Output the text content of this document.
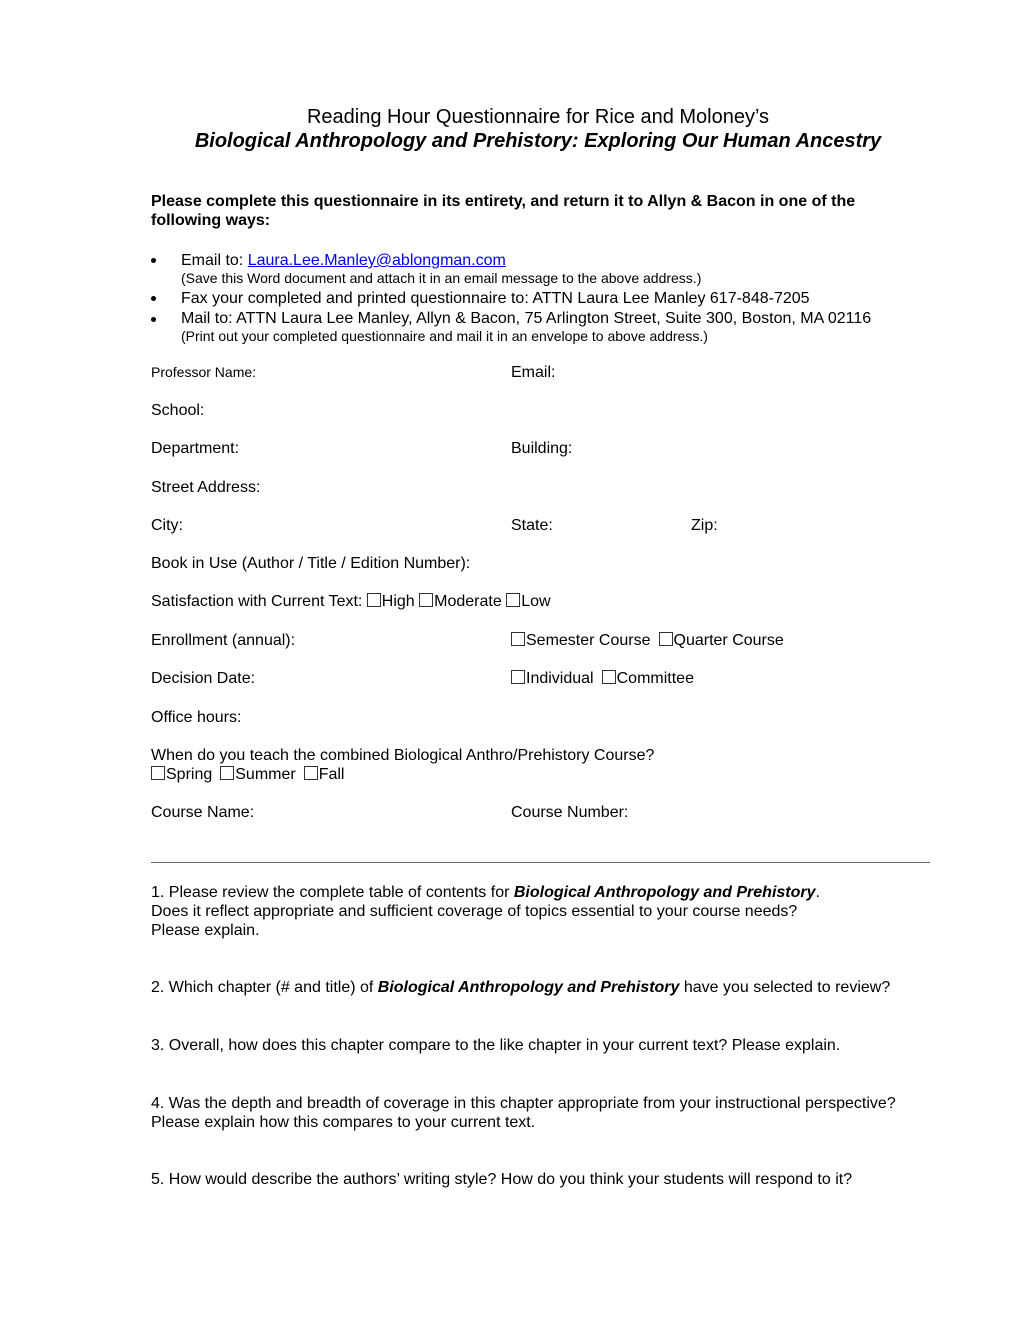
Reading Hour Questionnaire for Rice and Moloney’s
Biological Anthropology and Prehistory: Exploring Our Human Ancestry
Please complete this questionnaire in its entirety, and return it to Allyn & Bacon in one of the
following ways:
Email to: Laura.Lee.Manley@ablongman.com
(Save this Word document and attach it in an email message to the above address.)
Fax your completed and printed questionnaire to: ATTN Laura Lee Manley 617-848-7205
Mail to: ATTN Laura Lee Manley, Allyn & Bacon, 75 Arlington Street, Suite 300, Boston, MA 02116
(Print out your completed questionnaire and mail it in an envelope to above address.)
Professor Name:	Email:
School:
Department:	Building:
Street Address:
City:	State:	Zip:
Book in Use (Author / Title / Edition Number):
Satisfaction with Current Text: High Moderate Low
Enrollment (annual):	Semester Course Quarter Course
Decision Date:	Individual Committee
Office hours:
When do you teach the combined Biological Anthro/Prehistory Course?
Spring Summer Fall
Course Name:	Course Number:
1. Please review the complete table of contents for Biological Anthropology and Prehistory.
Does it reflect appropriate and sufficient coverage of topics essential to your course needs?
Please explain.
2. Which chapter (# and title) of Biological Anthropology and Prehistory have you selected to review?
3. Overall, how does this chapter compare to the like chapter in your current text? Please explain.
4. Was the depth and breadth of coverage in this chapter appropriate from your instructional perspective?
Please explain how this compares to your current text.
5. How would describe the authors’ writing style? How do you think your students will respond to it?
